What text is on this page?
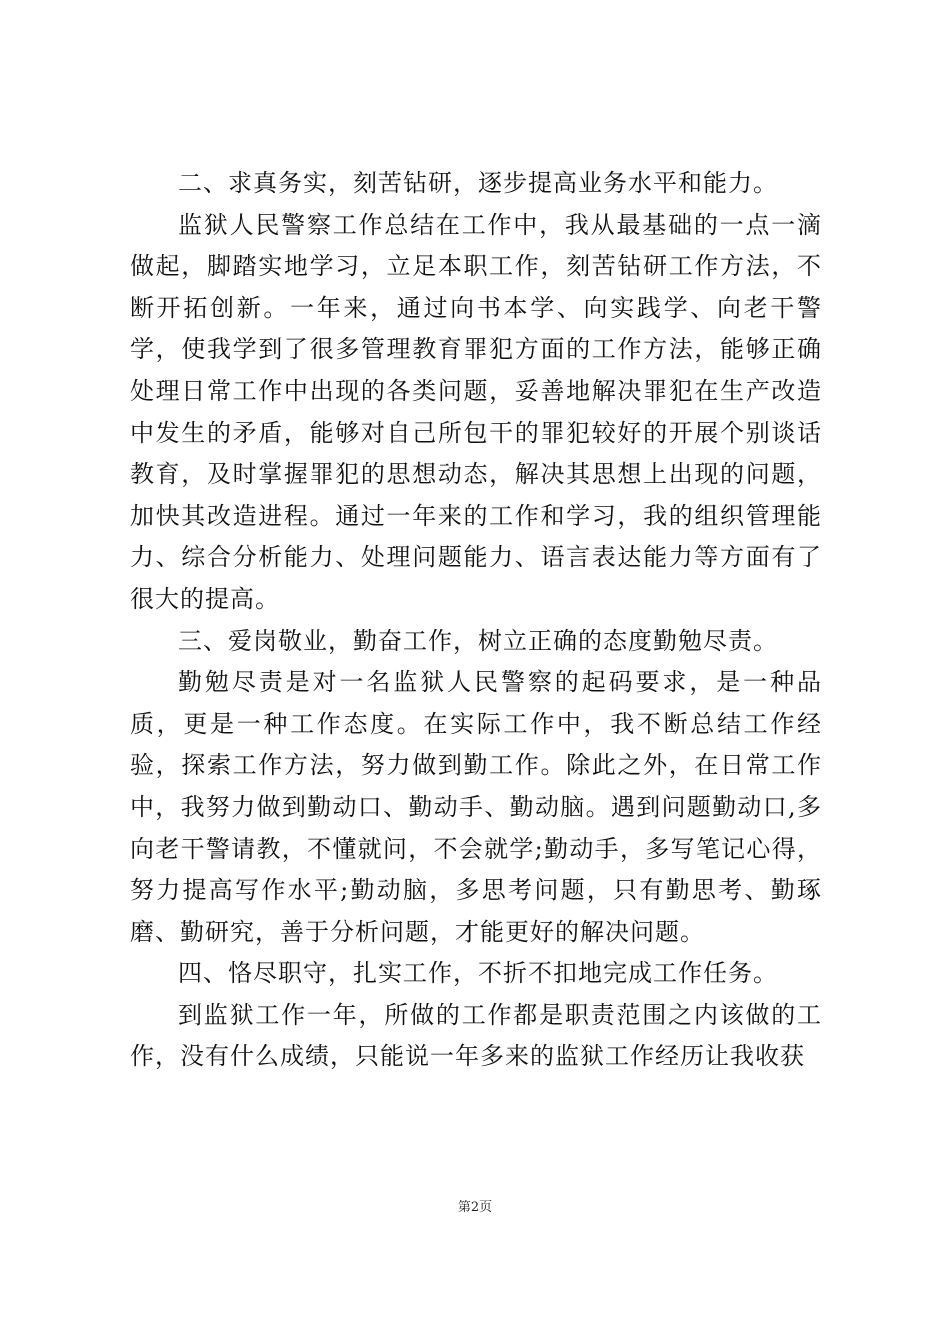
二、求真务实，刻苦钻研，逐步提高业务水平和能力。

监狱人民警察工作总结在工作中，我从最基础的一点一滴做起，脚踏实地学习，立足本职工作，刻苦钻研工作方法，不断开拓创新。一年来，通过向书本学、向实践学、向老干警学，使我学到了很多管理教育罪犯方面的工作方法，能够正确处理日常工作中出现的各类问题，妥善地解决罪犯在生产改造中发生的矛盾，能够对自己所包干的罪犯较好的开展个别谈话教育，及时掌握罪犯的思想动态，解决其思想上出现的问题，加快其改造进程。通过一年来的工作和学习，我的组织管理能力、综合分析能力、处理问题能力、语言表达能力等方面有了很大的提高。

三、爱岗敬业，勤奋工作，树立正确的态度勤勉尽责。

勤勉尽责是对一名监狱人民警察的起码要求，是一种品质，更是一种工作态度。在实际工作中，我不断总结工作经验，探索工作方法，努力做到勤工作。除此之外，在日常工作中，我努力做到勤动口、勤动手、勤动脑。遇到问题勤动口,多向老干警请教，不懂就问，不会就学;勤动手，多写笔记心得，努力提高写作水平;勤动脑，多思考问题，只有勤思考、勤琢磨、勤研究，善于分析问题，才能更好的解决问题。

四、恪尽职守，扎实工作，不折不扣地完成工作任务。

到监狱工作一年，所做的工作都是职责范围之内该做的工作，没有什么成绩，只能说一年多来的监狱工作经历让我收获

第2页
